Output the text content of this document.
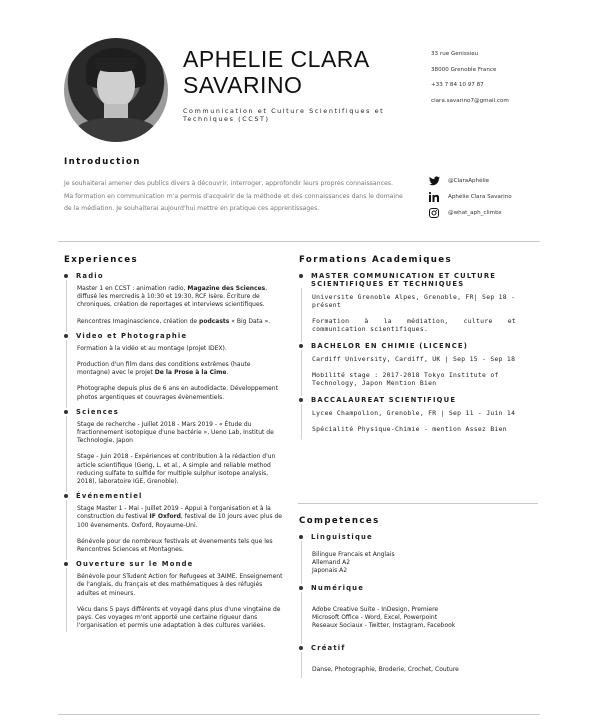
APHELIE CLARA
SAVARINO
Communication et Culture Scientifiques et Techniques (CCST)
33 rue Genissieu
38000 Grenoble France
+33 7 84 10 97 87
clara.savarino7@gmail.com
Introduction
Je souhaiterai amener des publics divers à découvrir, interroger, approfondir leurs propres connaissances. Ma formation en communication m'a permis d'acquérir de la méthode et des connaissances dans le domaine de la médiation. Je souhaiterai aujourd'hui mettre en pratique ces apprentissages.
@ClaraAphélie
Aphélie Clara Savarino
@what_aph_climbs
Experiences
Radio
Master 1 en CCST : animation radio, Magazine des Sciences, diffusé les mercredis à 10:30 et 19:30, RCF Isère. Écriture de chroniques, création de reportages et interviews scientifiques.
Rencontres Imaginascience, création de podcasts « Big Data ».
Video et Photographie
Formation à la vidéo et au montage (projet IDEX).
Production d'un film dans des conditions extrêmes (haute montagne) avec le projet De la Prose à la Cime.
Photographe depuis plus de 6 ans en autodidacte. Développement photos argentiques et couvrages évènementiels.
Sciences
Stage de recherche - Juillet 2018 - Mars 2019 - « Étude du fractionnement isotopique d'une bactérie », Ueno Lab, Institut de Technologie, Japon
Stage - Juin 2018 - Expériences et contribution à la rédaction d'un article scientifique (Geng, L. et al., A simple and reliable method reducing sulfate to sulfide for multiple sulphur isotope analysis, 2018), laboratoire IGE, Grenoble).
Événementiel
Stage Master 1 - Mai - Juillet 2019 - Appui à l'organisation et à la construction du festival IF Oxford, festival de 10 jours avec plus de 100 évenements. Oxford, Royaume-Uni.
Bénévole pour de nombreux festivals et évenements tels que les Rencontres Sciences et Montagnes.
Ouverture sur le Monde
Bénévole pour STudent Action for Refugees et 3AIME. Enseignement de l'anglais, du français et des mathématiques à des réfugiés adultes et mineurs.
Vécu dans 5 pays différents et voyagé dans plus d'une vingtaine de pays. Ces voyages m'ont apporté une certaine rigueur dans l'organisation et permis une adaptation à des cultures variées.
Formations Academiques
MASTER COMMUNICATION ET CULTURE SCIENTIFIQUES ET TECHNIQUES
Universite Grenoble Alpes, Grenoble, FR| Sep 18 - présent
Formation à la médiation, culture et communication scientifiques.
BACHELOR EN CHIMIE (LICENCE)
Cardiff University, Cardiff, UK | Sep 15 - Sep 18
Mobilité stage : 2017-2018 Tokyo Institute of Technology, Japon Mention Bien
BACCALAUREAT SCIENTIFIQUE
Lycee Champolion, Grenoble, FR | Sep 11 - Juin 14
Spécialité Physique-Chimie - mention Assez Bien
Competences
Linguistique
Bilingue Francais et Anglais
Allemand A2
Japonais A2
Numérique
Adobe Creative Suite - InDesign, Premiere
Microsoft Office - Word, Excel, Powerpoint
Reseaux Sociaux - Twitter, Instagram, Facebook
Créatif
Danse, Photographie, Broderie, Crochet, Couture
